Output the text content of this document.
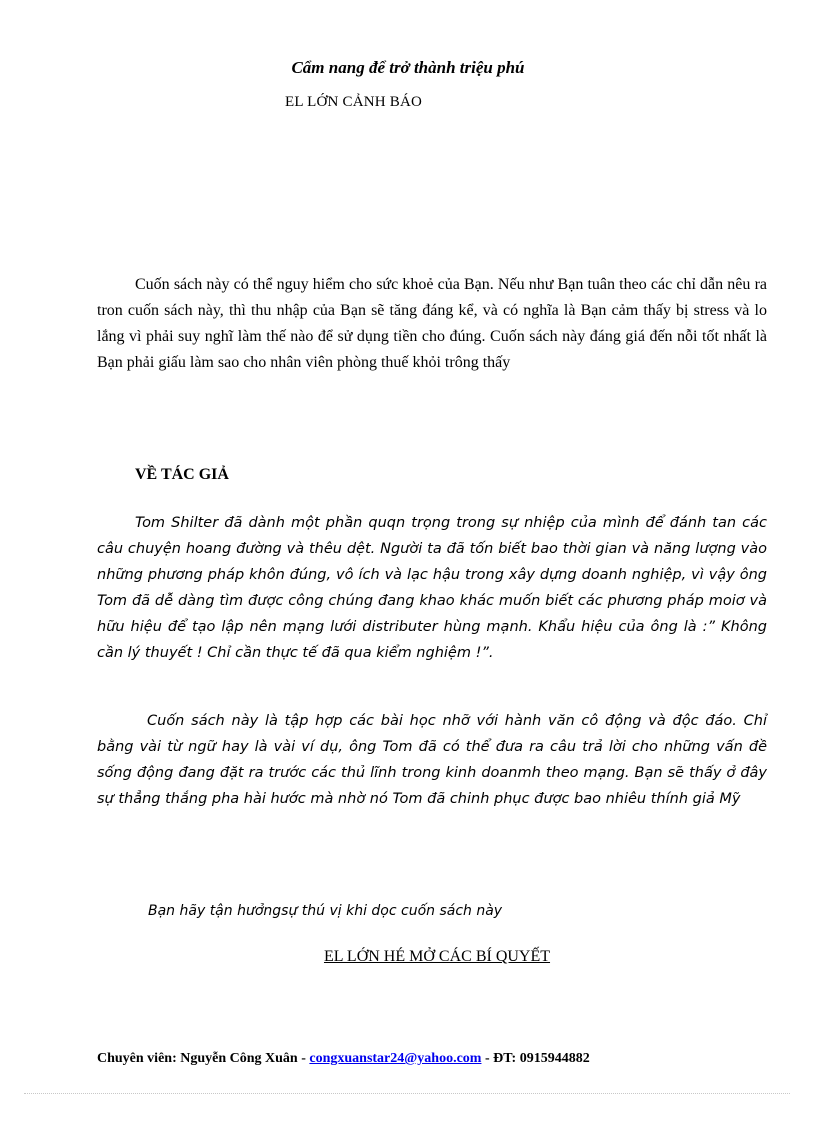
Cẩm nang để trở thành triệu phú
EL LỚN CẢNH BÁO

Cuốn sách này có thể nguy hiểm cho sức khoẻ của Bạn. Nếu như Bạn tuân theo các chỉ dẫn nêu ra tron cuốn sách này, thì thu nhập của Bạn sẽ tăng đáng kể, và có nghĩa là Bạn cảm thấy bị stress và lo lắng vì phải suy nghĩ làm thế nào để sử dụng tiền cho đúng. Cuốn sách này đáng giá đến nỗi tốt nhất là Bạn phải giấu làm sao cho nhân viên phòng thuế khỏi trông thấy

VỀ TÁC GIẢ

Tom Shilter đã dành một phần quqn trọng trong sự nhiệp của mình để đánh tan các câu chuyện hoang đường và thêu dệt. Người ta đã tốn biết bao thời gian và năng lượng vào những phương pháp khôn đúng, vô ích và lạc hậu trong xây dựng doanh nghiệp, vì vậy ông Tom đã dễ dàng tìm được công chúng đang khao khác muốn biết các phương pháp moiơ và hữu hiệu để tạo lập nên mạng lưới distributer hùng mạnh. Khẩu hiệu của ông là :” Không cần lý thuyết ! Chỉ cần thực tế đã qua kiểm nghiệm !”.

Cuốn sách này là tập hợp các bài học nhỡ với hành văn cô động và độc đáo. Chỉ bằng vài từ ngữ hay là vài ví dụ, ông Tom đã có thể đưa ra câu trả lời cho những vấn đề sống động đang đặt ra trước các thủ lĩnh trong kinh doanmh theo mạng. Bạn sẽ thấy ở đây sự thẳng thắng pha hài hước mà nhờ nó Tom đã chinh phục được bao nhiêu thính giả Mỹ

Bạn hãy tận hưởngsự thú vị khi dọc cuốn sách này
EL LỚN HÉ MỞ CÁC BÍ QUYẾT
Chuyên viên: Nguyễn Công Xuân - congxuanstar24@yahoo.com - ĐT: 0915944882
